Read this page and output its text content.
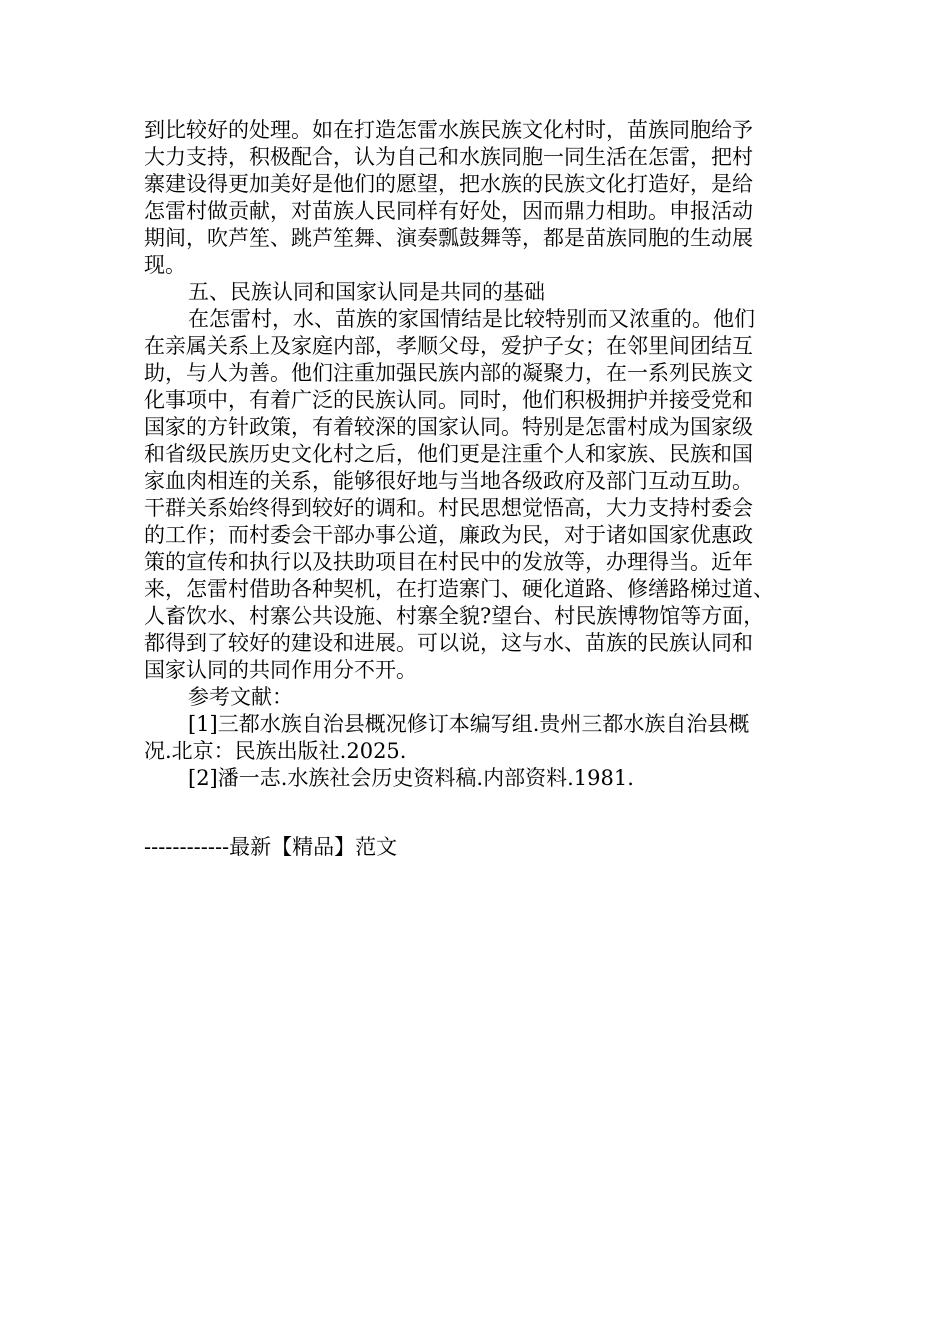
到比较好的处理。如在打造怎雷水族民族文化村时，苗族同胞给予
大力支持，积极配合，认为自己和水族同胞一同生活在怎雷，把村
寨建设得更加美好是他们的愿望，把水族的民族文化打造好，是给
怎雷村做贡献，对苗族人民同样有好处，因而鼎力相助。申报活动
期间，吹芦笙、跳芦笙舞、演奏瓢鼓舞等，都是苗族同胞的生动展
现。
五、民族认同和国家认同是共同的基础
在怎雷村，水、苗族的家国情结是比较特别而又浓重的。他们
在亲属关系上及家庭内部，孝顺父母，爱护子女；在邻里间团结互
助，与人为善。他们注重加强民族内部的凝聚力，在一系列民族文
化事项中，有着广泛的民族认同。同时，他们积极拥护并接受党和
国家的方针政策，有着较深的国家认同。特别是怎雷村成为国家级
和省级民族历史文化村之后，他们更是注重个人和家族、民族和国
家血肉相连的关系，能够很好地与当地各级政府及部门互动互助。
干群关系始终得到较好的调和。村民思想觉悟高，大力支持村委会
的工作；而村委会干部办事公道，廉政为民，对于诸如国家优惠政
策的宣传和执行以及扶助项目在村民中的发放等，办理得当。近年
来，怎雷村借助各种契机，在打造寨门、硬化道路、修缮路梯过道、
人畜饮水、村寨公共设施、村寨全貌?望台、村民族博物馆等方面，
都得到了较好的建设和进展。可以说，这与水、苗族的民族认同和
国家认同的共同作用分不开。
参考文献：
[1]三都水族自治县概况修订本编写组.贵州三都水族自治县概
况.北京：民族出版社.2025.
[2]潘一志.水族社会历史资料稿.内部资料.1981.
------------最新【精品】范文
